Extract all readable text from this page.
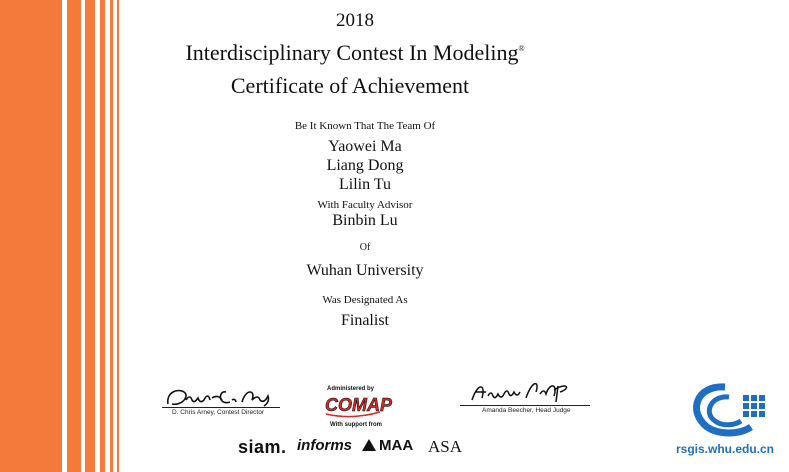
2018
Interdisciplinary Contest In Modeling®
Certificate of Achievement
Be It Known That The Team Of
Yaowei Ma
Liang Dong
Lilin Tu
With Faculty Advisor
Binbin Lu
Of
Wuhan University
Was Designated As
Finalist
D. Chris Arney, Contest Director
Administered by
COMAP
With support from
Amanda Beecher, Head Judge
siam. informs	MAA ASA	rsgis.whu.edu.cn
